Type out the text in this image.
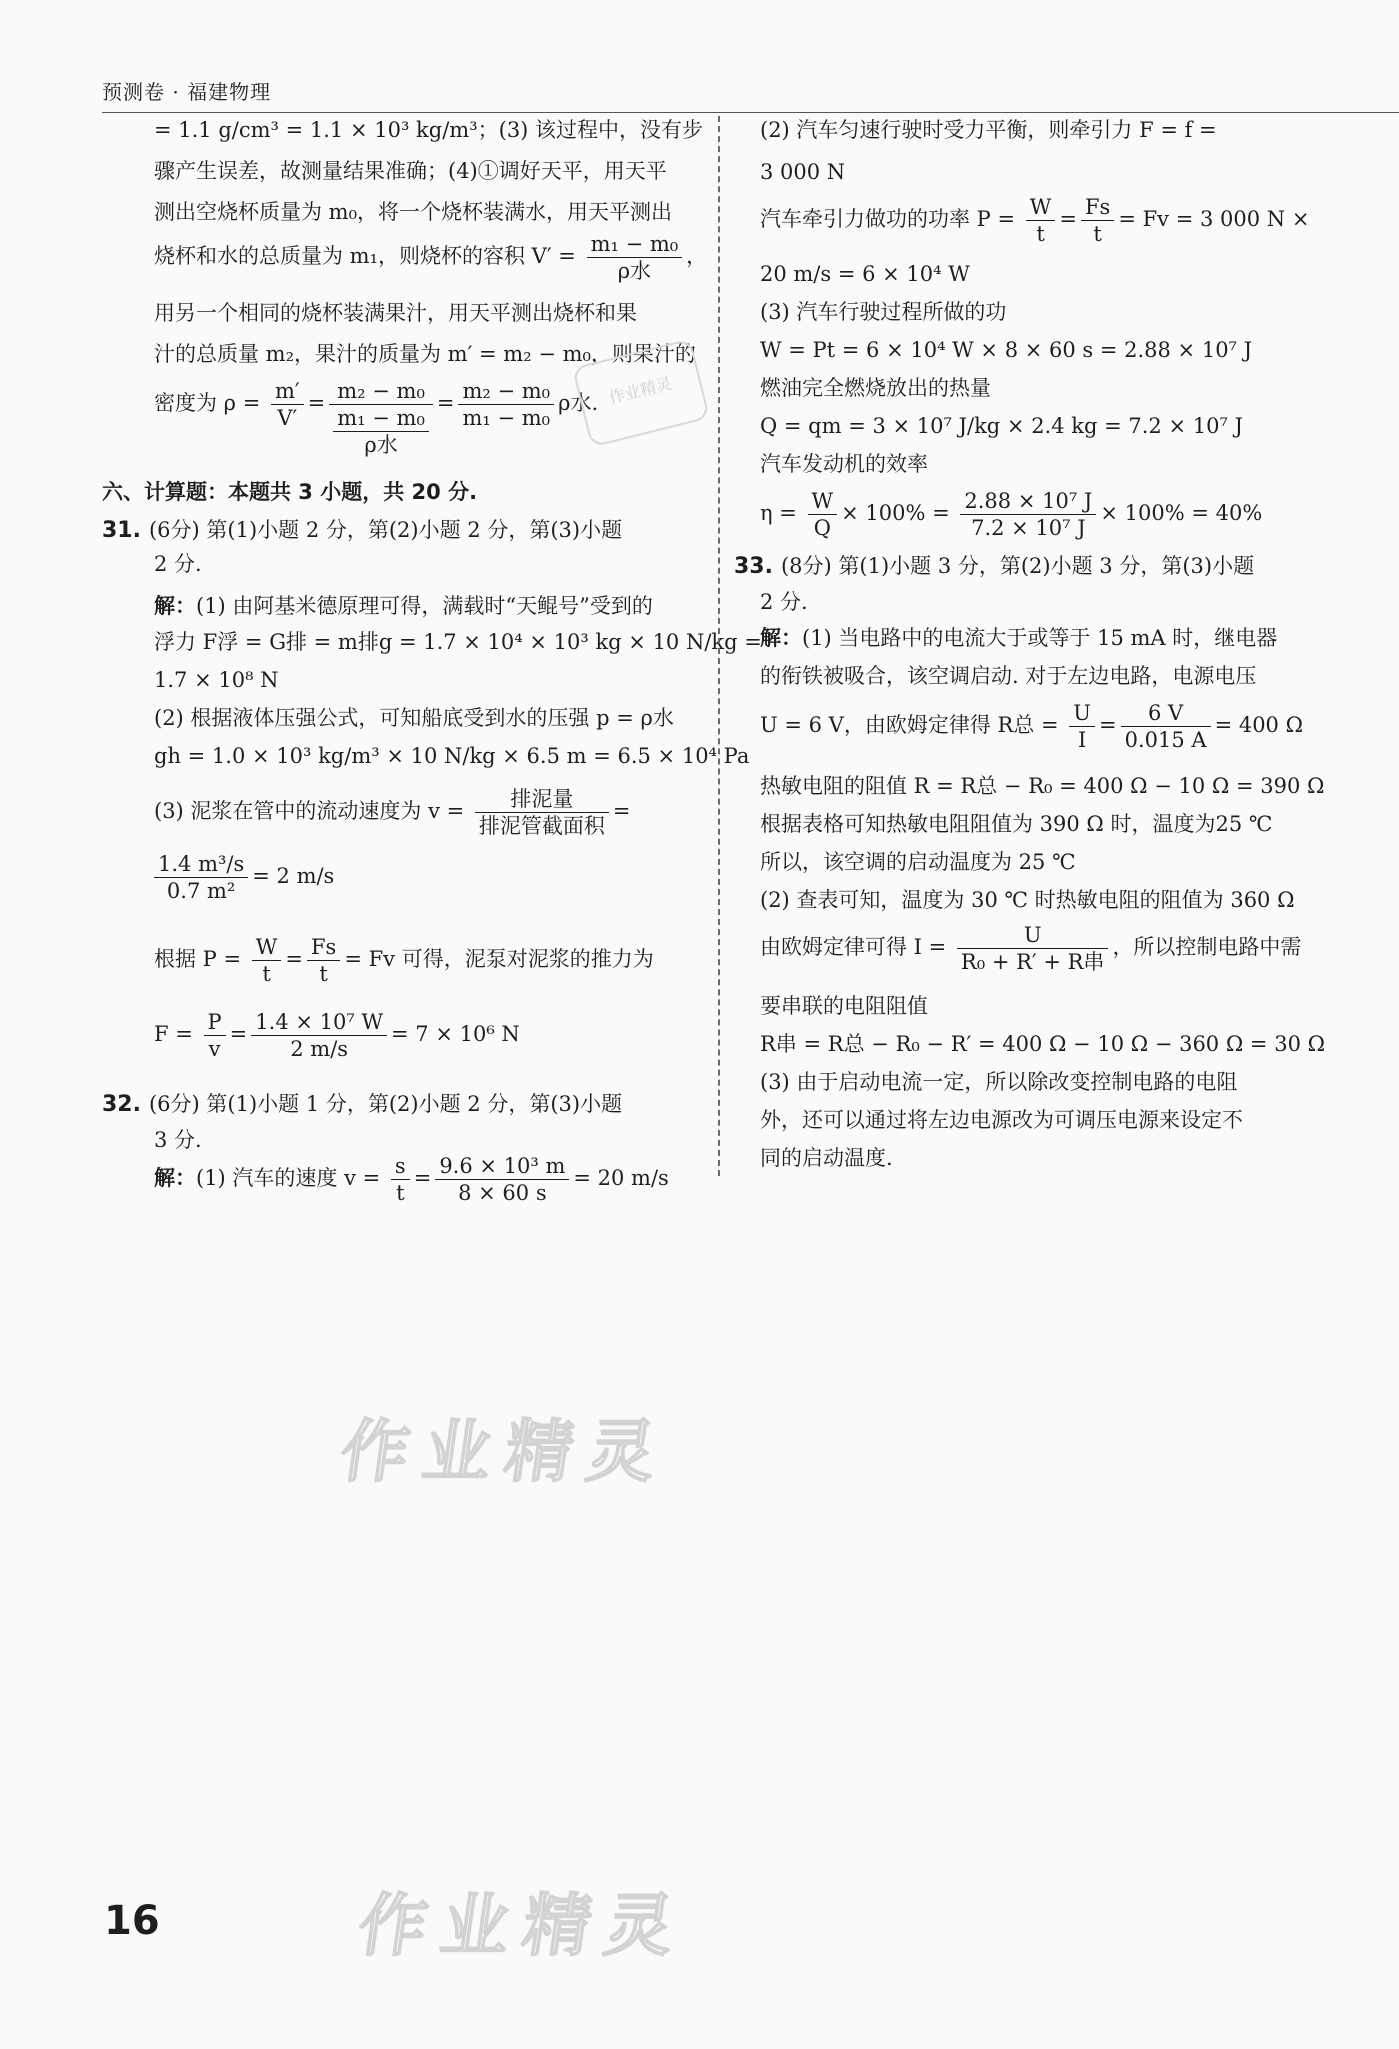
预测卷 · 福建物理
= 1.1 g/cm³ = 1.1 × 10³ kg/m³；(3) 该过程中，没有步
骤产生误差，故测量结果准确；(4)①调好天平，用天平
测出空烧杯质量为 m₀，将一个烧杯装满水，用天平测出
烧杯和水的总质量为 m₁，则烧杯的容积 $V' = \frac{\text{m₁ − m₀}}{\text{ρ水}}$ ，
用另一个相同的烧杯装满果汁，用天平测出烧杯和果
汁的总质量 m₂，果汁的质量为 m′ = m₂ − m₀，则果汁的
密度为 $\rho = \frac{m'}{V'} = \frac{\text{m₂ − m₀}}{\frac{\text{m₁ − m₀}}{\text{ρ水}}} = \frac{\text{m₂ − m₀}}{\text{m₁ − m₀}}$ ρ水.
六、计算题：本题共 3 小题，共 20 分.
31. (6分) 第(1)小题 2 分，第(2)小题 2 分，第(3)小题
2 分.
解：(1) 由阿基米德原理可得，满载时“天鲲号”受到的
浮力 F浮 = G排 = m排g = 1.7 × 10⁴ × 10³ kg × 10 N/kg =
1.7 × 10⁸ N
(2) 根据液体压强公式，可知船底受到水的压强 p = ρ水
gh = 1.0 × 10³ kg/m³ × 10 N/kg × 6.5 m = 6.5 × 10⁴ Pa
(3) 泥浆在管中的流动速度为 $v = \frac{\text{排泥量}}{\text{排泥管截面积}}$ =
$\frac{\text{1.4 m³/s}}{\text{0.7 m²}} = 2$ m/s
根据 $P = \frac{W}{t} = \frac{Fs}{t} = Fv$ 可得，泥泵对泥浆的推力为
$F = \frac{P}{v} = \frac{\text{1.4 × 10⁷ W}}{2 m/s} = 7 \times 10^6$ N
32. (6分) 第(1)小题 1 分，第(2)小题 2 分，第(3)小题
3 分.
解：(1) 汽车的速度 $v = \frac{s}{t} = \frac{\text{9.6 × 10³ m}}{8 \times 60 s} = 20$ m/s
(2) 汽车匀速行驶时受力平衡，则牵引力 F = f =
3 000 N
汽车牵引力做功的功率 $P = \frac{W}{t} = \frac{Fs}{t} = Fv = 3$ 000 N ×
20 m/s = 6 × 10⁴ W
(3) 汽车行驶过程所做的功
W = Pt = 6 × 10⁴ W × 8 × 60 s = 2.88 × 10⁷ J
燃油完全燃烧放出的热量
Q = qm = 3 × 10⁷ J/kg × 2.4 kg = 7.2 × 10⁷ J
汽车发动机的效率
$\eta = \frac{W}{Q} \times 100\% = \frac{\text{2.88 × 10⁷ J}}{\text{7.2 × 10⁷ J}} \times 100\% = 40\%$
33. (8分) 第(1)小题 3 分，第(2)小题 3 分，第(3)小题
2 分.
解：(1) 当电路中的电流大于或等于 15 mA 时，继电器
的衔铁被吸合，该空调启动. 对于左边电路，电源电压
U = 6 V，由欧姆定律得 R总 = $\frac{U}{I} = \frac{6 V}{0.015 A} = 400$ Ω
热敏电阻的阻值 R = R总 − R₀ = 400 Ω − 10 Ω = 390 Ω
根据表格可知热敏电阻阻值为 390 Ω 时，温度为25 ℃
所以，该空调的启动温度为 25 ℃
(2) 查表可知，温度为 30 ℃ 时热敏电阻的阻值为 360 Ω
由欧姆定律可得 $I = \frac{U}{\text{R₀ + R′ + R串}}$ ，所以控制电路中需
要串联的电阻阻值
R串 = R总 − R₀ − R′ = 400 Ω − 10 Ω − 360 Ω = 30 Ω
(3) 由于启动电流一定，所以除改变控制电路的电阻
外，还可以通过将左边电源改为可调压电源来设定不
同的启动温度.
作业精灵
作业精灵
作业精灵
16
